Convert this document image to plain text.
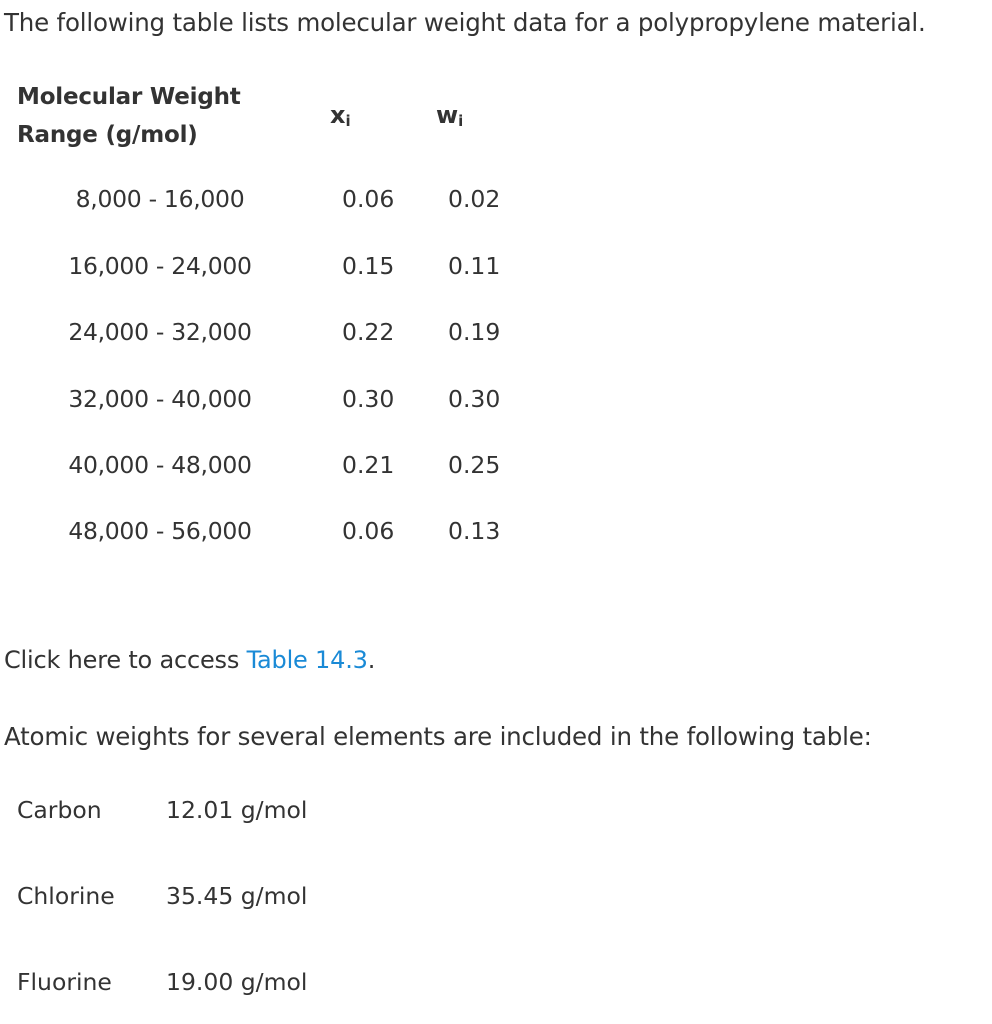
The following table lists molecular weight data for a polypropylene material.
Molecular Weight
Range (g/mol)
$x_i$	$w_i$
8,000 - 16,000	0.06 0.02
16,000 - 24,000	0.15 0.11
24,000 - 32,000	0.22 0.19
32,000 - 40,000	0.30 0.30
40,000 - 48,000	0.21 0.25
48,000 - 56,000	0.06 0.13
Click here to access Table 14.3.
Atomic weights for several elements are included in the following table:
Carbon	12.01 g/mol
Chlorine 35.45 g/mol
Fluorine 19.00 g/mol
